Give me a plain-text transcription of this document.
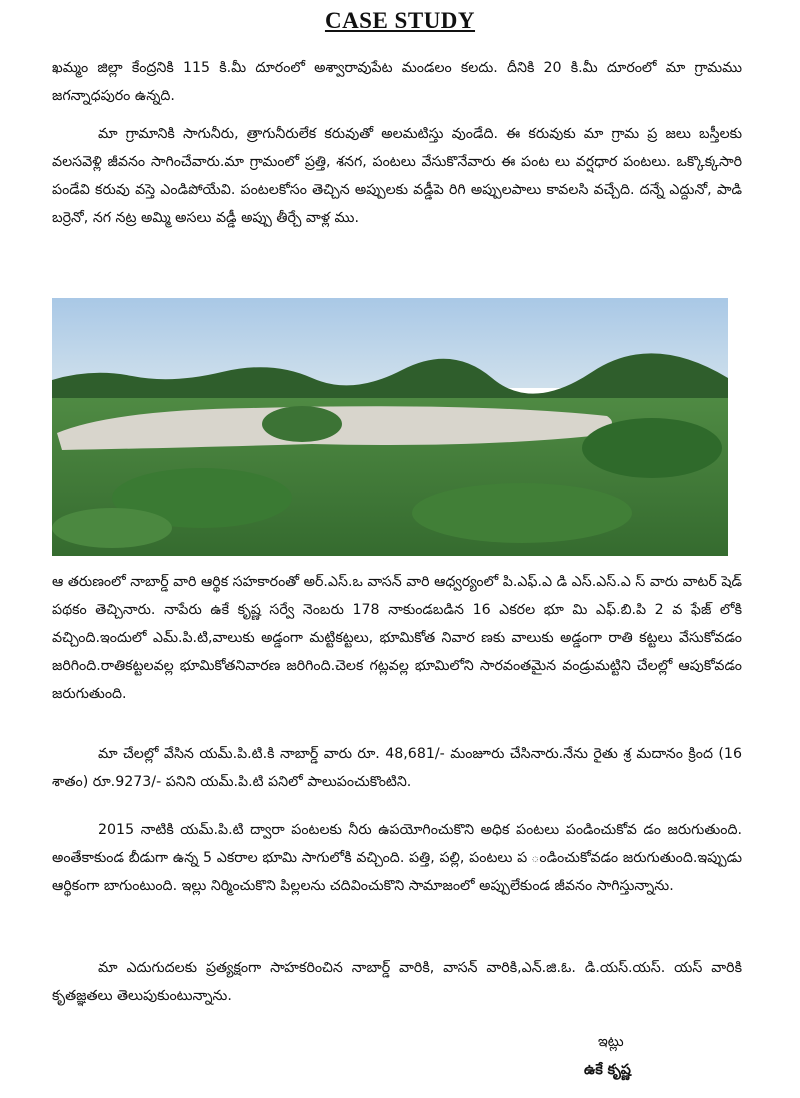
CASE STUDY

ఖమ్మం జిల్లా కేంద్రనికి 115 కి.మీ దూరంలో అశ్వారావుపేట మండలం కలదు. దీనికి 20 కి.మీ దూరంలో మా గ్రామము జగన్నాధపురం ఉన్నది.

మా గ్రామానికి సాగునీరు, త్రాగునీరులేక కరువుతో అలమటిస్తు వుండేది. ఈ కరువుకు మా గ్రామ ప్ర జలు బస్తీలకు వలసవెళ్లి జీవనం సాగించేవారు.మా గ్రామంలో ప్రత్తి, శనగ, పంటలు వేసుకొనేవారు ఈ పంట లు వర్షధార పంటలు. ఒక్కొక్కసారి పండేవి కరువు వస్తె ఎండిపోయేవి. పంటలకోసం తెచ్చిన అప్పులకు వడ్డీపె రిగి అప్పులపాలు కావలసి వచ్చేది. దన్నే ఎద్దునో, పాడి బర్రెనో, నగ నట్ర అమ్మి అసలు వడ్డీ అప్పు తీర్చే వాళ్ల ము.

ఆ తరుణంలో నాబార్డ్ వారి ఆర్థిక సహకారంతో అర్.ఎస్.ఒ వాసన్ వారి ఆధ్వర్యంలో పి.ఎఫ్.ఎ డి ఎస్.ఎస్.ఎ స్ వారు వాటర్ షెడ్ పథకం తెచ్చినారు. నాపేరు ఉకే కృష్ణ సర్వే నెంబరు 178 నాకుండబడిన 16 ఎకరల భూ మి ఎఫ్.బి.పి 2 వ ఫేజ్ లోకి వచ్చింది.ఇందులో ఎమ్.పి.టి,వాలుకు అడ్డంగా మట్టికట్టలు, భూమికోత నివార ణకు వాలుకు అడ్డంగా రాతి కట్టలు వేసుకోవడం జరిగింది.రాతికట్టలవల్ల భూమికోతనివారణ జరిగింది.చెలక గట్లవల్ల భూమిలోని సారవంతమైన వండ్రుమట్టిని చేలల్లో ఆపుకోవడం జరుగుతుంది.

మా చేలల్లో వేసిన యమ్.పి.టి.కి నాబార్డ్ వారు రూ. 48,681/- మంజూరు చేసినారు.నేను రైతు శ్ర మదానం క్రింద (16 శాతం) రూ.9273/- పనిని యమ్.పి.టి పనిలో పాలుపంచుకొంటిని.

2015 నాటికి యమ్.పి.టి ద్వారా పంటలకు నీరు ఉపయోగించుకొని అధిక పంటలు పండించుకోవ డం జరుగుతుంది. అంతేకాకుండ బీడుగా ఉన్న 5 ఎకరాల భూమి సాగులోకి వచ్చింది. పత్తి, పల్లి, పంటలు ప ండించుకోవడం జరుగుతుంది.ఇప్పుడు ఆర్థికంగా బాగుంటుంది. ఇల్లు నిర్మించుకొని పిల్లలను చదివించుకొని సామాజంలో అప్పులేకుండ జీవనం సాగిస్తున్నాను.

మా ఎదుగుదలకు ప్రత్యక్షంగా సాహకరించిన నాబార్డ్ వారికి, వాసన్ వారికి,ఎన్.జి.ఓ. డి.యస్.యస్. యస్ వారికి కృతజ్ఞతలు తెలుపుకుంటున్నాను.

ఇట్లు
ఉకే కృష్ణ
